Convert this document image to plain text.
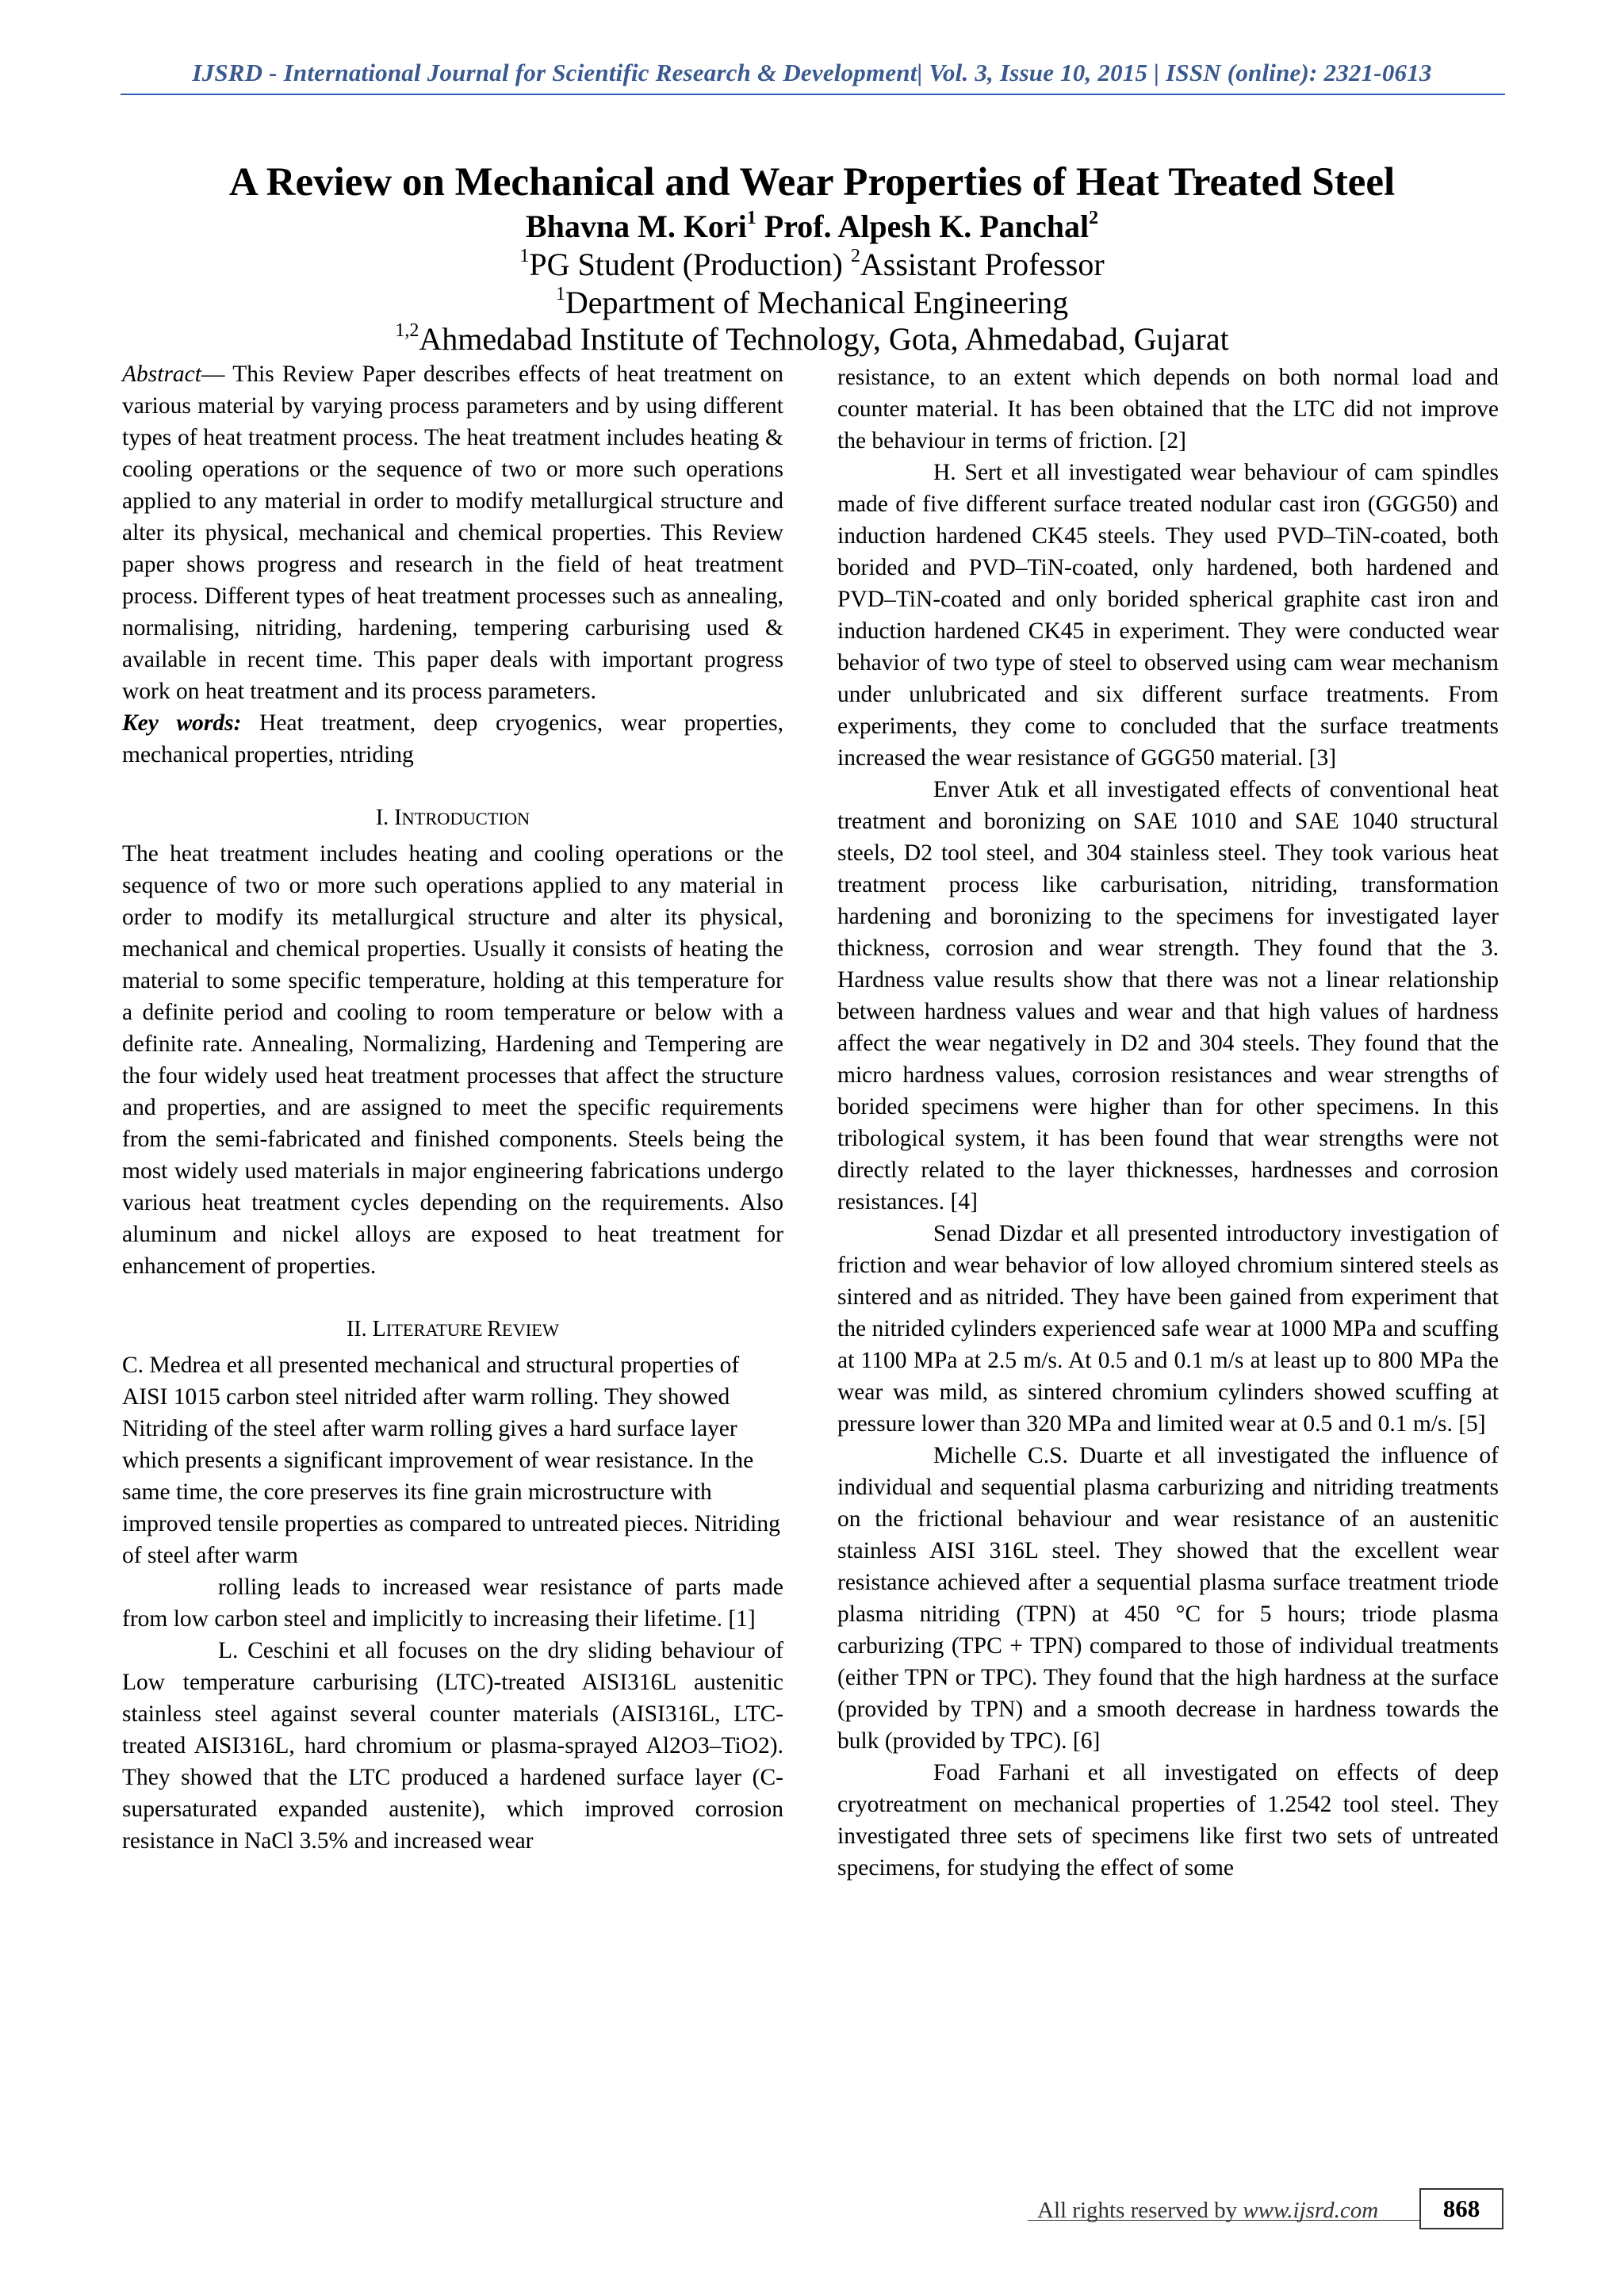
IJSRD - International Journal for Scientific Research & Development| Vol. 3, Issue 10, 2015 | ISSN (online): 2321-0613
A Review on Mechanical and Wear Properties of Heat Treated Steel
Bhavna M. Kori$^1$ Prof. Alpesh K. Panchal$^2$
$^1$PG Student (Production) $^2$Assistant Professor
$^1$Department of Mechanical Engineering
$^{1,2}$Ahmedabad Institute of Technology, Gota, Ahmedabad, Gujarat

Abstract— This Review Paper describes effects of heat treatment on various material by varying process parameters and by using different types of heat treatment process. The heat treatment includes heating & cooling operations or the sequence of two or more such operations applied to any material in order to modify metallurgical structure and alter its physical, mechanical and chemical properties. This Review paper shows progress and research in the field of heat treatment process. Different types of heat treatment processes such as annealing, normalising, nitriding, hardening, tempering carburising used & available in recent time. This paper deals with important progress work on heat treatment and its process parameters.

Key words: Heat treatment, deep cryogenics, wear properties, mechanical properties, ntriding

I. INTRODUCTION

The heat treatment includes heating and cooling operations or the sequence of two or more such operations applied to any material in order to modify its metallurgical structure and alter its physical, mechanical and chemical properties. Usually it consists of heating the material to some specific temperature, holding at this temperature for a definite period and cooling to room temperature or below with a definite rate. Annealing, Normalizing, Hardening and Tempering are the four widely used heat treatment processes that affect the structure and properties, and are assigned to meet the specific requirements from the semi-fabricated and finished components. Steels being the most widely used materials in major engineering fabrications undergo various heat treatment cycles depending on the requirements. Also aluminum and nickel alloys are exposed to heat treatment for enhancement of properties.

II. LITERATURE REVIEW

C. Medrea et all presented mechanical and structural properties of AISI 1015 carbon steel nitrided after warm rolling. They showed Nitriding of the steel after warm rolling gives a hard surface layer which presents a significant improvement of wear resistance. In the same time, the core preserves its fine grain microstructure with improved tensile properties as compared to untreated pieces. Nitriding of steel after warm

rolling leads to increased wear resistance of parts made from low carbon steel and implicitly to increasing their lifetime. [1]

L. Ceschini et all focuses on the dry sliding behaviour of Low temperature carburising (LTC)-treated AISI316L austenitic stainless steel against several counter materials (AISI316L, LTC-treated AISI316L, hard chromium or plasma-sprayed Al2O3–TiO2). They showed that the LTC produced a hardened surface layer (C-supersaturated expanded austenite), which improved corrosion resistance in NaCl 3.5% and increased wear

resistance, to an extent which depends on both normal load and counter material. It has been obtained that the LTC did not improve the behaviour in terms of friction. [2]

H. Sert et all investigated wear behaviour of cam spindles made of five different surface treated nodular cast iron (GGG50) and induction hardened CK45 steels. They used PVD–TiN-coated, both borided and PVD–TiN-coated, only hardened, both hardened and PVD–TiN-coated and only borided spherical graphite cast iron and induction hardened CK45 in experiment. They were conducted wear behavior of two type of steel to observed using cam wear mechanism under unlubricated and six different surface treatments. From experiments, they come to concluded that the surface treatments increased the wear resistance of GGG50 material. [3]

Enver Atık et all investigated effects of conventional heat treatment and boronizing on SAE 1010 and SAE 1040 structural steels, D2 tool steel, and 304 stainless steel. They took various heat treatment process like carburisation, nitriding, transformation hardening and boronizing to the specimens for investigated layer thickness, corrosion and wear strength. They found that the 3. Hardness value results show that there was not a linear relationship between hardness values and wear and that high values of hardness affect the wear negatively in D2 and 304 steels. They found that the micro hardness values, corrosion resistances and wear strengths of borided specimens were higher than for other specimens. In this tribological system, it has been found that wear strengths were not directly related to the layer thicknesses, hardnesses and corrosion resistances. [4]

Senad Dizdar et all presented introductory investigation of friction and wear behavior of low alloyed chromium sintered steels as sintered and as nitrided. They have been gained from experiment that the nitrided cylinders experienced safe wear at 1000 MPa and scuffing at 1100 MPa at 2.5 m/s. At 0.5 and 0.1 m/s at least up to 800 MPa the wear was mild, as sintered chromium cylinders showed scuffing at pressure lower than 320 MPa and limited wear at 0.5 and 0.1 m/s. [5]

Michelle C.S. Duarte et all investigated the influence of individual and sequential plasma carburizing and nitriding treatments on the frictional behaviour and wear resistance of an austenitic stainless AISI 316L steel. They showed that the excellent wear resistance achieved after a sequential plasma surface treatment triode plasma nitriding (TPN) at 450 °C for 5 hours; triode plasma carburizing (TPC + TPN) compared to those of individual treatments (either TPN or TPC). They found that the high hardness at the surface (provided by TPN) and a smooth decrease in hardness towards the bulk (provided by TPC). [6]

Foad Farhani et all investigated on effects of deep cryotreatment on mechanical properties of 1.2542 tool steel. They investigated three sets of specimens like first two sets of untreated specimens, for studying the effect of some

All rights reserved by www.ijsrd.com	868
